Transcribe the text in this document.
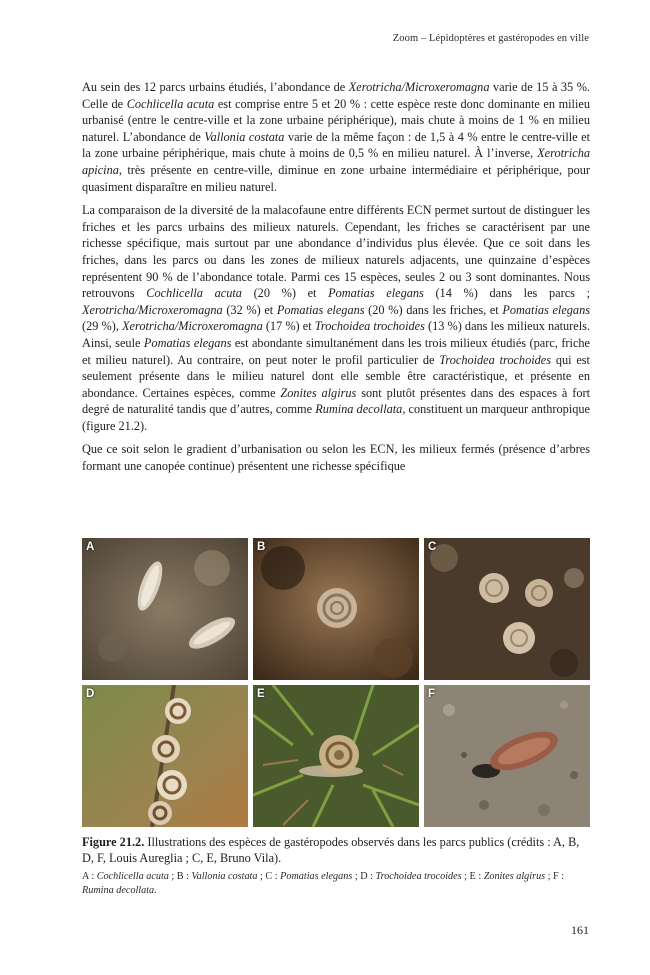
Zoom – Lépidoptères et gastéropodes en ville

Au sein des 12 parcs urbains étudiés, l’abondance de Xerotricha/Microxeromagna varie de 15 à 35 %. Celle de Cochlicella acuta est comprise entre 5 et 20 % : cette espèce reste donc dominante en milieu urbanisé (entre le centre-ville et la zone urbaine périphérique), mais chute à moins de 1 % en milieu naturel. L’abondance de Vallonia costata varie de la même façon : de 1,5 à 4 % entre le centre-ville et la zone urbaine périphérique, mais chute à moins de 0,5 % en milieu naturel. À l’inverse, Xerotricha apicina, très présente en centre-ville, diminue en zone urbaine intermédiaire et périphérique, pour quasiment disparaître en milieu naturel.

La comparaison de la diversité de la malacofaune entre différents ECN permet surtout de distinguer les friches et les parcs urbains des milieux naturels. Cependant, les friches se caractérisent par une richesse spécifique, mais surtout par une abondance d’individus plus élevée. Que ce soit dans les friches, dans les parcs ou dans les zones de milieux naturels adjacents, une quinzaine d’espèces représentent 90 % de l’abondance totale. Parmi ces 15 espèces, seules 2 ou 3 sont dominantes. Nous retrouvons Cochlicella acuta (20 %) et Pomatias elegans (14 %) dans les parcs ; Xerotricha/Microxeromagna (32 %) et Pomatias elegans (20 %) dans les friches, et Pomatias elegans (29 %), Xerotricha/Microxeromagna (17 %) et Trochoidea trochoides (13 %) dans les milieux naturels. Ainsi, seule Pomatias elegans est abondante simultanément dans les trois milieux étudiés (parc, friche et milieu naturel). Au contraire, on peut noter le profil particulier de Trochoidea trochoides qui est seulement présente dans le milieu naturel dont elle semble être caractéristique, et présente en abondance. Certaines espèces, comme Zonites algirus sont plutôt présentes dans des espaces à fort degré de naturalité tandis que d’autres, comme Rumina decollata, constituent un marqueur anthropique (figure 21.2).

Que ce soit selon le gradient d’urbanisation ou selon les ECN, les milieux fermés (présence d’arbres formant une canopée continue) présentent une richesse spécifique

A	B	C
D	E	F
Figure 21.2. Illustrations des espèces de gastéropodes observés dans les parcs publics (crédits : A, B, D, F, Louis Aureglia ; C, E, Bruno Vila).
A : Cochlicella acuta ; B : Vallonia costata ; C : Pomatias elegans ; D : Trochoidea trocoides ; E : Zonites algirus ; F : Rumina decollata.
161
